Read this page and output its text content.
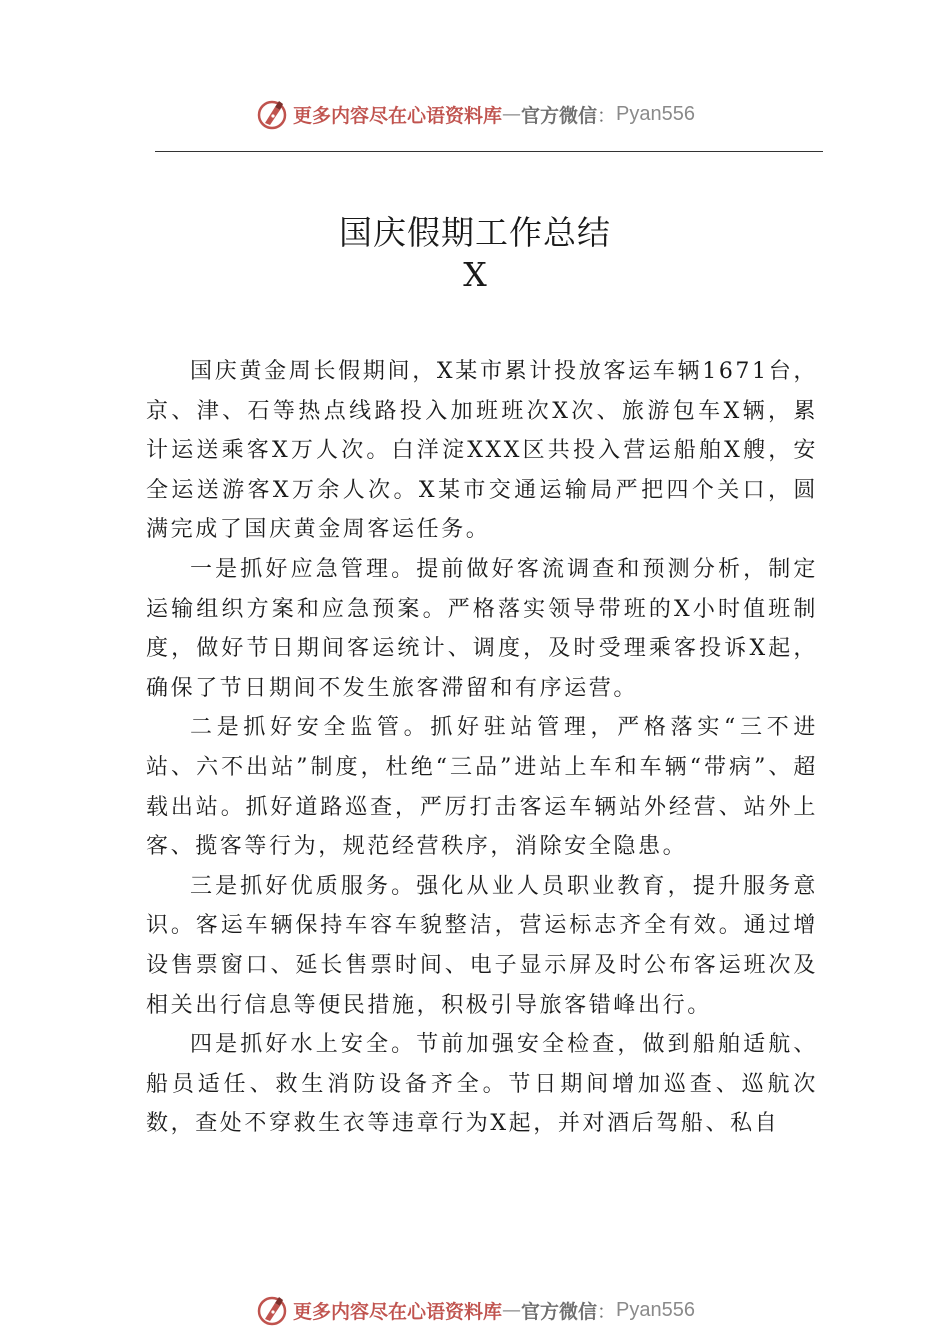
更多内容尽在心语资料库 — 官方微信 ： Pyan556
国庆假期工作总结
X

国庆黄金周长假期间，X某市累计投放客运车辆1671台，京、津、石等热点线路投入加班班次X次、旅游包车X辆，累计运送乘客X万人次。白洋淀XXX区共投入营运船舶X艘，安全运送游客X万余人次。X某市交通运输局严把四个关口，圆满完成了国庆黄金周客运任务。

一是抓好应急管理。提前做好客流调查和预测分析，制定运输组织方案和应急预案。严格落实领导带班的X小时值班制度，做好节日期间客运统计、调度，及时受理乘客投诉X起，确保了节日期间不发生旅客滞留和有序运营。

二是抓好安全监管。抓好驻站管理，严格落实“三不进站、六不出站”制度，杜绝“三品”进站上车和车辆“带病”、超载出站。抓好道路巡查，严厉打击客运车辆站外经营、站外上客、揽客等行为，规范经营秩序，消除安全隐患。

三是抓好优质服务。强化从业人员职业教育，提升服务意识。客运车辆保持车容车貌整洁，营运标志齐全有效。通过增设售票窗口、延长售票时间、电子显示屏及时公布客运班次及相关出行信息等便民措施，积极引导旅客错峰出行。

四是抓好水上安全。节前加强安全检查，做到船舶适航、船员适任、救生消防设备齐全。节日期间增加巡查、巡航次数，查处不穿救生衣等违章行为X起，并对酒后驾船、私自

更多内容尽在心语资料库 — 官方微信 ： Pyan556
